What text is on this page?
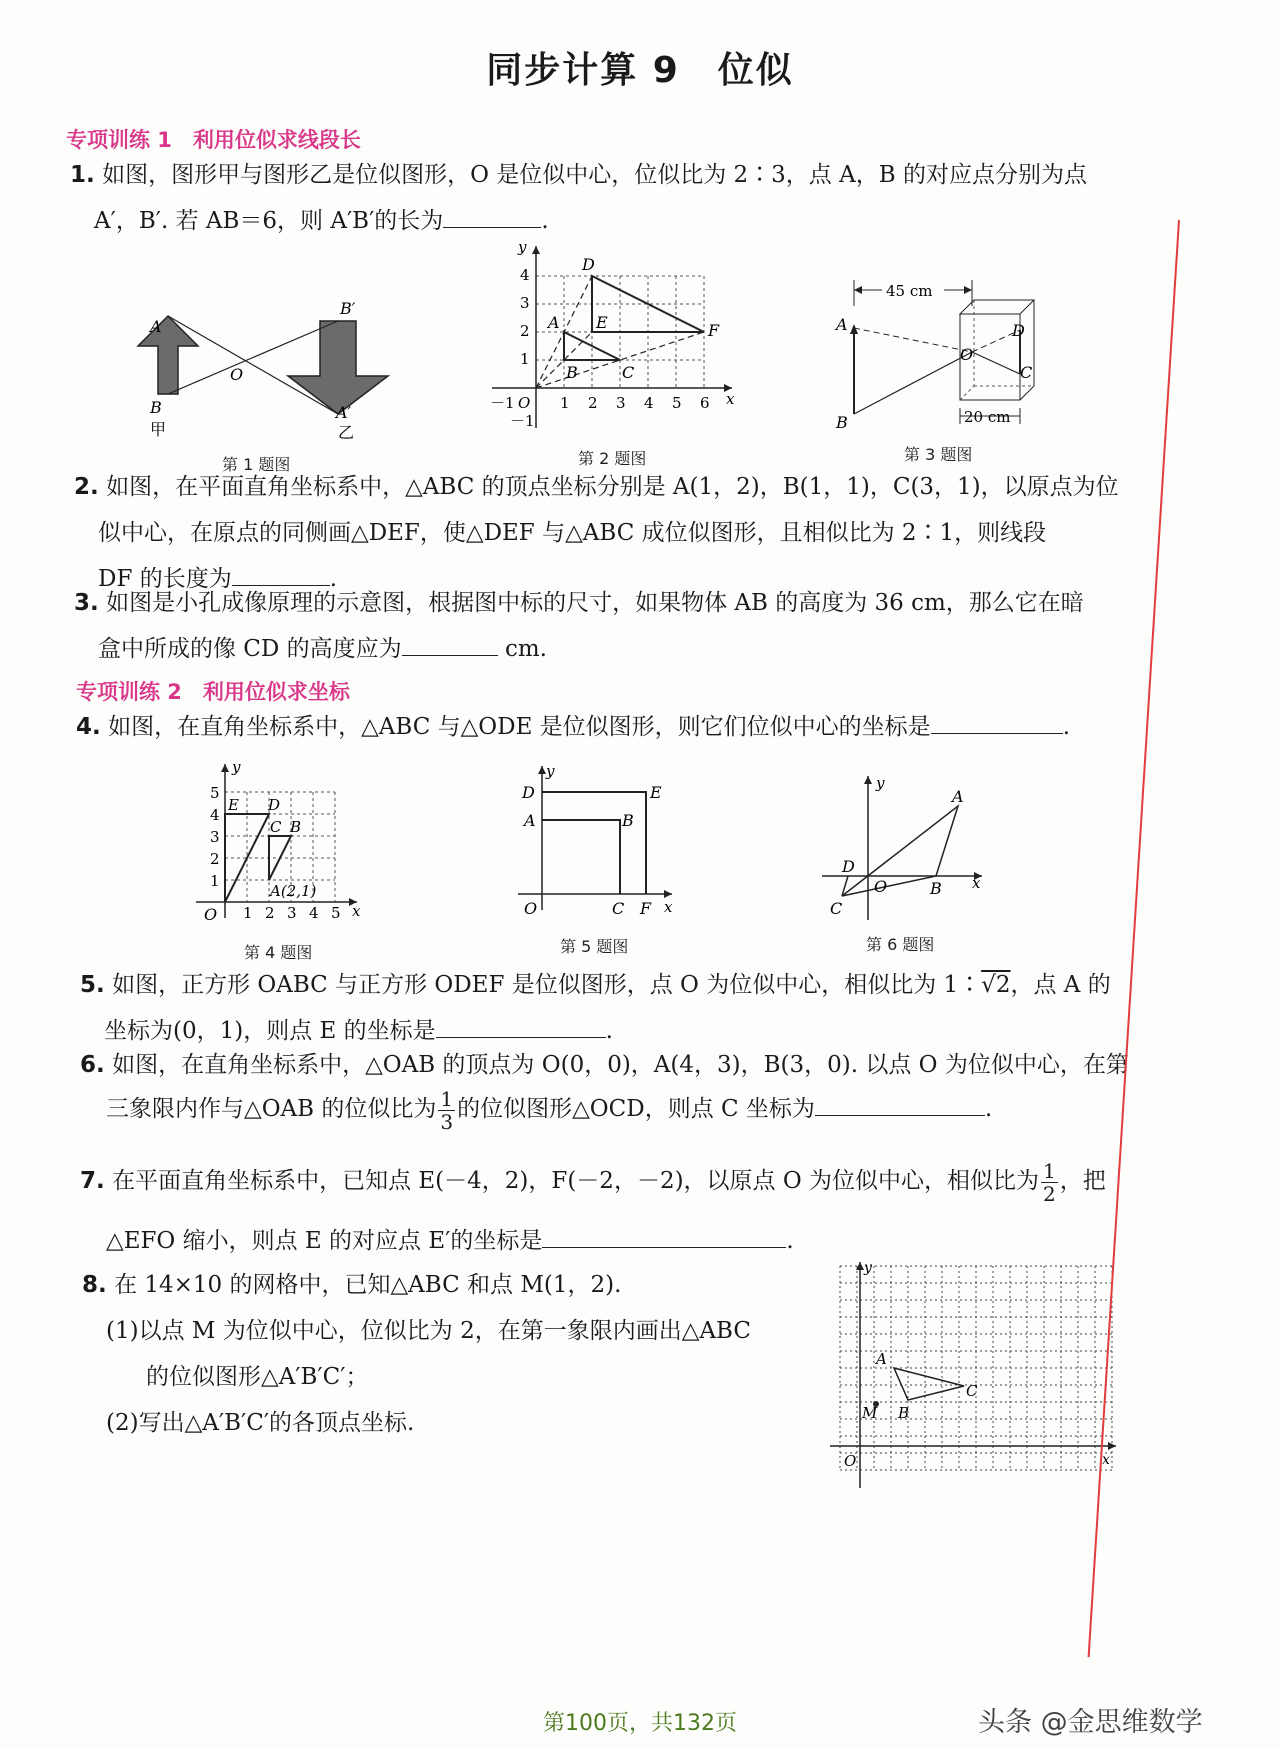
同步计算 9　位似
专项训练 1　利用位似求线段长
1. 如图，图形甲与图形乙是位似图形，O 是位似中心，位似比为 2∶3，点 A，B 的对应点分别为点
A′，B′. 若 AB＝6，则 A′B′的长为	.
A
B
甲
O
B′
A′
乙
第 1 题图
D
E	F
A
B	C
y
x
O
1
2
3
4
－1
－1	1 2 3 4 5 6
第 2 题图
45 cm
20 cm
A
B
O
C
D
第 3 题图
2. 如图，在平面直角坐标系中，△ABC 的顶点坐标分别是 A(1，2)，B(1，1)，C(3，1)，以原点为位
似中心，在原点的同侧画△DEF，使△DEF 与△ABC 成位似图形，且相似比为 2∶1，则线段
DF 的长度为	.
3. 如图是小孔成像原理的示意图，根据图中标的尺寸，如果物体 AB 的高度为 36 cm，那么它在暗
盒中所成的像 CD 的高度应为	cm.
专项训练 2　利用位似求坐标
4. 如图，在直角坐标系中，△ABC 与△ODE 是位似图形，则它们位似中心的坐标是	.
y
x
O
E D
C B
A(2,1)
1
2
3
4
5
1 2 3 4 5
第 4 题图
y
x
O
D	E
A	B
C F
第 5 题图
y
x
O
A
B
C
D
第 6 题图
5. 如图，正方形 OABC 与正方形 ODEF 是位似图形，点 O 为位似中心，相似比为 1∶√2，点 A 的
坐标为(0，1)，则点 E 的坐标是	.
6. 如图，在直角坐标系中，△OAB 的顶点为 O(0，0)，A(4，3)，B(3，0). 以点 O 为位似中心，在第
三象限内作与△OAB 的位似比为 $\frac{1}{3}$ 的位似图形△OCD，则点 C 坐标为	.
7. 在平面直角坐标系中，已知点 E(－4，2)，F(－2，－2)，以原点 O 为位似中心，相似比为 $\frac{1}{2}$ ，把
△EFO 缩小，则点 E 的对应点 E′的坐标是	.
8. 在 14×10 的网格中，已知△ABC 和点 M(1，2).
(1)以点 M 为位似中心，位似比为 2，在第一象限内画出△ABC
的位似图形△A′B′C′；
(2)写出△A′B′C′的各顶点坐标.
y
x
O
A
B
C
M
第100页，共132页	头条 @金思维数学
